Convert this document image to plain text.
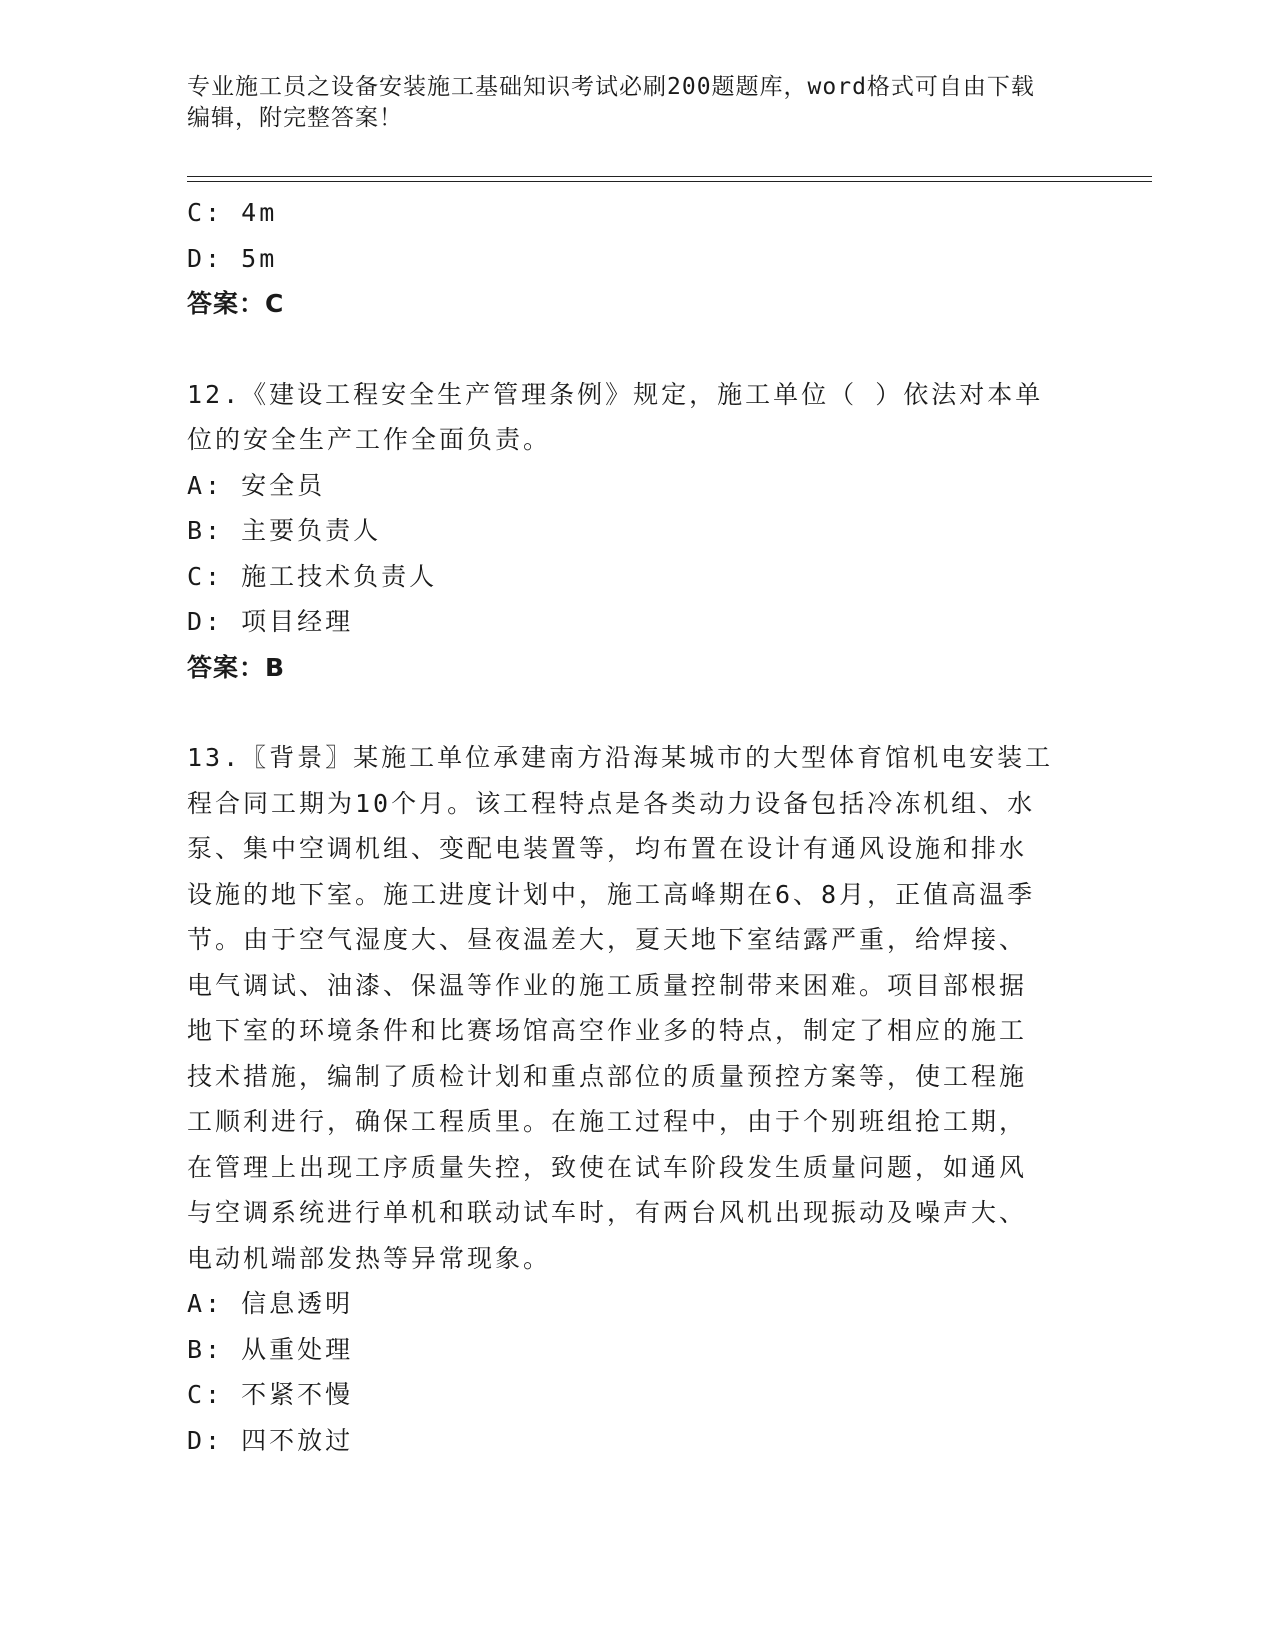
专业施工员之设备安装施工基础知识考试必刷200题题库，word格式可自由下载
编辑，附完整答案！
C: 4m
D: 5m
答案：C
12.《建设工程安全生产管理条例》规定，施工单位（ ）依法对本单
位的安全生产工作全面负责。
A: 安全员
B: 主要负责人
C: 施工技术负责人
D: 项目经理
答案：B
13.〖背景〗某施工单位承建南方沿海某城市的大型体育馆机电安装工
程合同工期为10个月。该工程特点是各类动力设备包括冷冻机组、水
泵、集中空调机组、变配电装置等，均布置在设计有通风设施和排水
设施的地下室。施工进度计划中，施工高峰期在6、8月，正值高温季
节。由于空气湿度大、昼夜温差大，夏天地下室结露严重，给焊接、
电气调试、油漆、保温等作业的施工质量控制带来困难。项目部根据
地下室的环境条件和比赛场馆高空作业多的特点，制定了相应的施工
技术措施，编制了质检计划和重点部位的质量预控方案等，使工程施
工顺利进行，确保工程质里。在施工过程中，由于个别班组抢工期，
在管理上出现工序质量失控，致使在试车阶段发生质量问题，如通风
与空调系统进行单机和联动试车时，有两台风机出现振动及噪声大、
电动机端部发热等异常现象。
A: 信息透明
B: 从重处理
C: 不紧不慢
D: 四不放过
